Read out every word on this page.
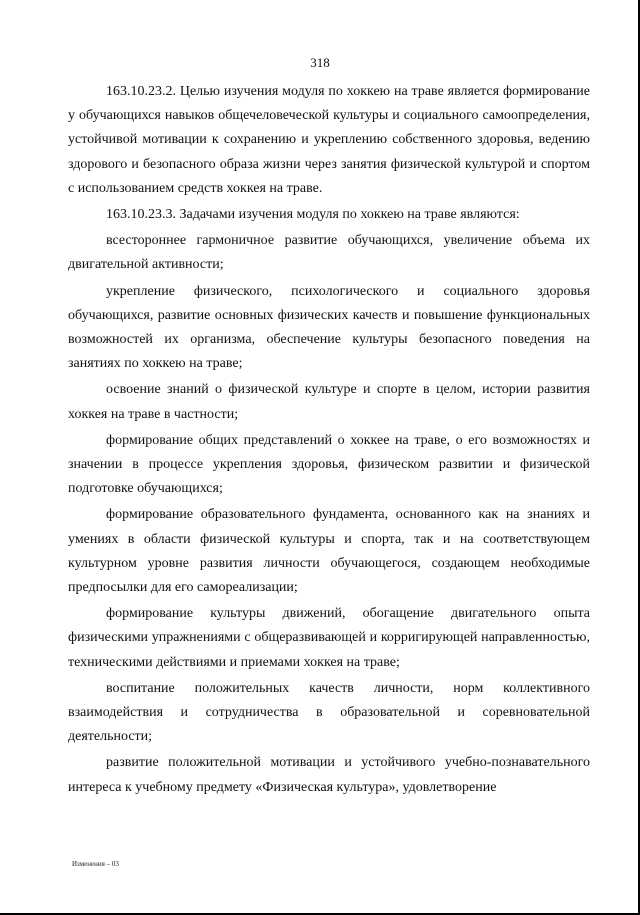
318

163.10.23.2. Целью изучения модуля по хоккею на траве является формирование у обучающихся навыков общечеловеческой культуры и социального самоопределения, устойчивой мотивации к сохранению и укреплению собственного здоровья, ведению здорового и безопасного образа жизни через занятия физической культурой и спортом с использованием средств хоккея на траве.

163.10.23.3. Задачами изучения модуля по хоккею на траве являются:

всестороннее гармоничное развитие обучающихся, увеличение объема их двигательной активности;

укрепление физического, психологического и социального здоровья обучающихся, развитие основных физических качеств и повышение функциональных возможностей их организма, обеспечение культуры безопасного поведения на занятиях по хоккею на траве;

освоение знаний о физической культуре и спорте в целом, истории развития хоккея на траве в частности;

формирование общих представлений о хоккее на траве, о его возможностях и значении в процессе укрепления здоровья, физическом развитии и физической подготовке обучающихся;

формирование образовательного фундамента, основанного как на знаниях и умениях в области физической культуры и спорта, так и на соответствующем культурном уровне развития личности обучающегося, создающем необходимые предпосылки для его самореализации;

формирование культуры движений, обогащение двигательного опыта физическими упражнениями с общеразвивающей и корригирующей направленностью, техническими действиями и приемами хоккея на траве;

воспитание положительных качеств личности, норм коллективного взаимодействия и сотрудничества в образовательной и соревновательной деятельности;

развитие положительной мотивации и устойчивого учебно-познавательного интереса к учебному предмету «Физическая культура», удовлетворение

Изменения – 03
